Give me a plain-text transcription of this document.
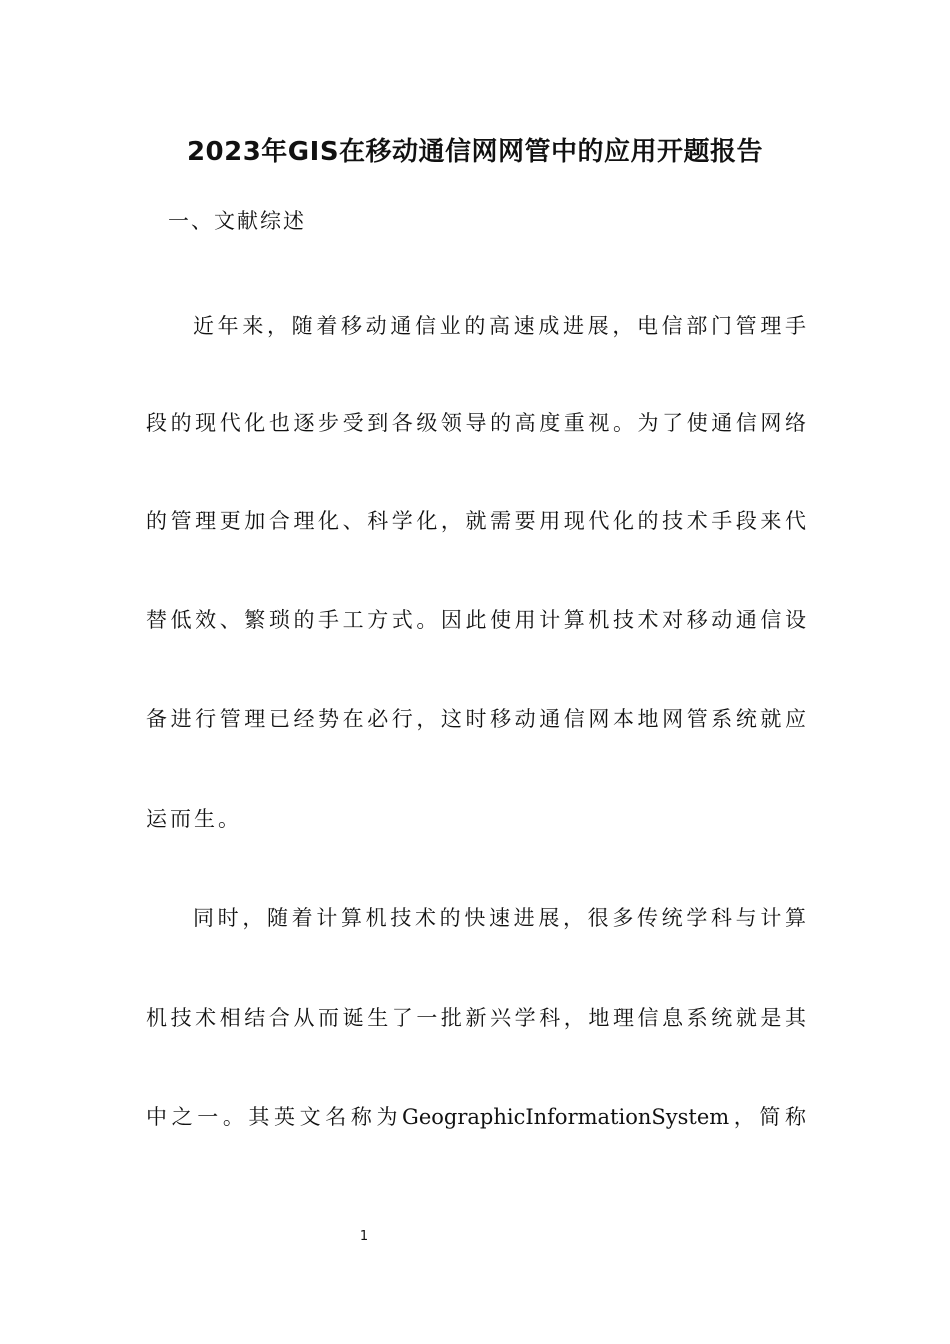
2023年GIS在移动通信网网管中的应用开题报告

一、文献综述

近年来，随着移动通信业的高速成进展，电信部门管理手

段的现代化也逐步受到各级领导的高度重视。为了使通信网络

的管理更加合理化、科学化，就需要用现代化的技术手段来代

替低效、繁琐的手工方式。因此使用计算机技术对移动通信设

备进行管理已经势在必行，这时移动通信网本地网管系统就应

运而生。

同时，随着计算机技术的快速进展，很多传统学科与计算

机技术相结合从而诞生了一批新兴学科，地理信息系统就是其

中之一。其英文名称为GeographicInformationSystem，简称

1
